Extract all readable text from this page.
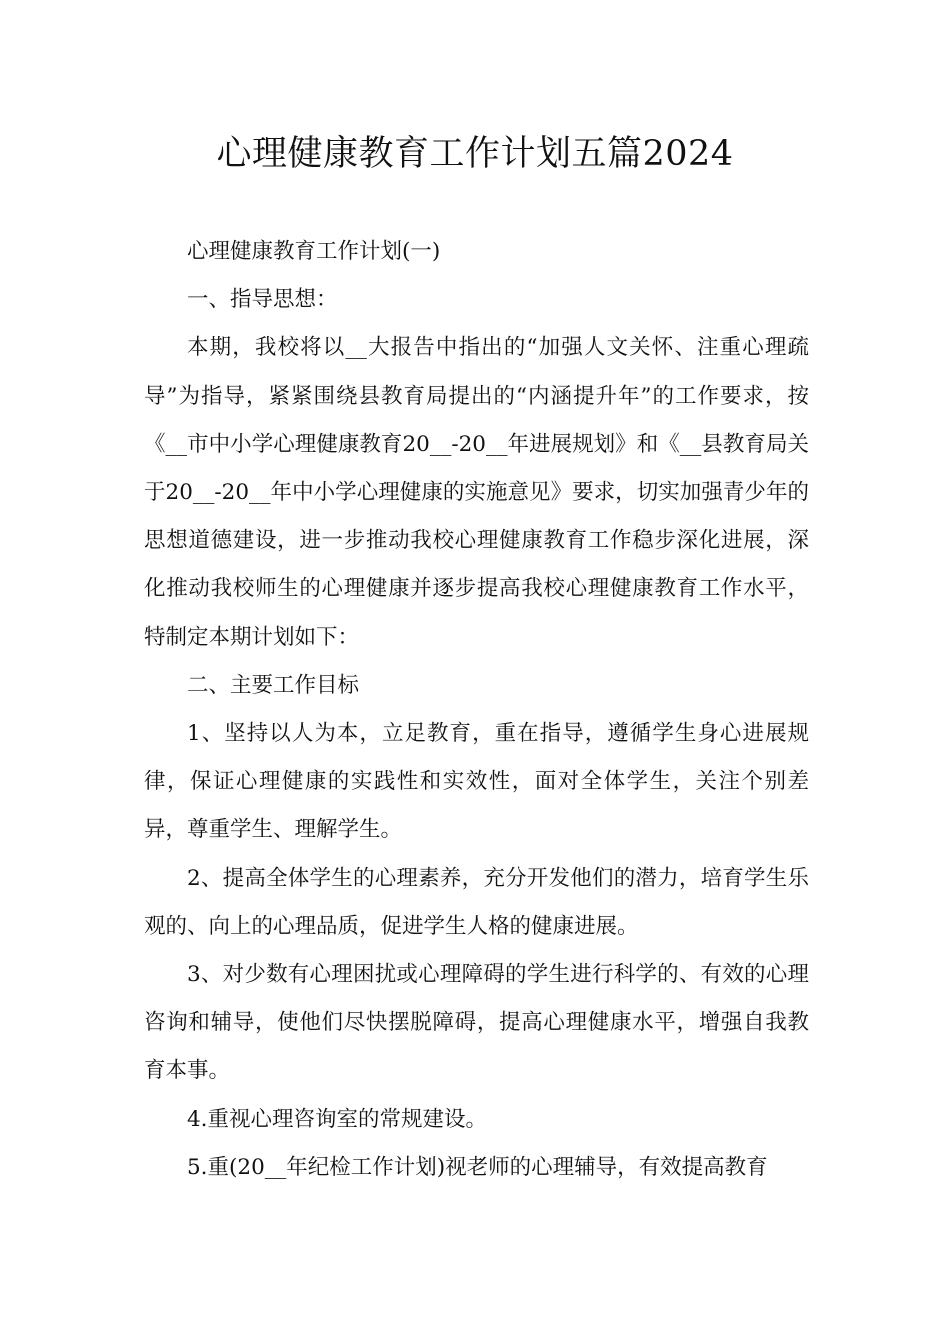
心理健康教育工作计划五篇2024

心理健康教育工作计划(一)

一、指导思想：

本期，我校将以__大报告中指出的“加强人文关怀、注重心理疏导”为指导，紧紧围绕县教育局提出的“内涵提升年”的工作要求，按《__市中小学心理健康教育20__-20__年进展规划》和《__县教育局关于20__-20__年中小学心理健康的实施意见》要求，切实加强青少年的思想道德建设，进一步推动我校心理健康教育工作稳步深化进展，深化推动我校师生的心理健康并逐步提高我校心理健康教育工作水平，特制定本期计划如下：

二、主要工作目标

1、坚持以人为本，立足教育，重在指导，遵循学生身心进展规律，保证心理健康的实践性和实效性，面对全体学生，关注个别差异，尊重学生、理解学生。

2、提高全体学生的心理素养，充分开发他们的潜力，培育学生乐观的、向上的心理品质，促进学生人格的健康进展。

3、对少数有心理困扰或心理障碍的学生进行科学的、有效的心理咨询和辅导，使他们尽快摆脱障碍，提高心理健康水平，增强自我教育本事。

4.重视心理咨询室的常规建设。

5.重(20__年纪检工作计划)视老师的心理辅导，有效提高教育
